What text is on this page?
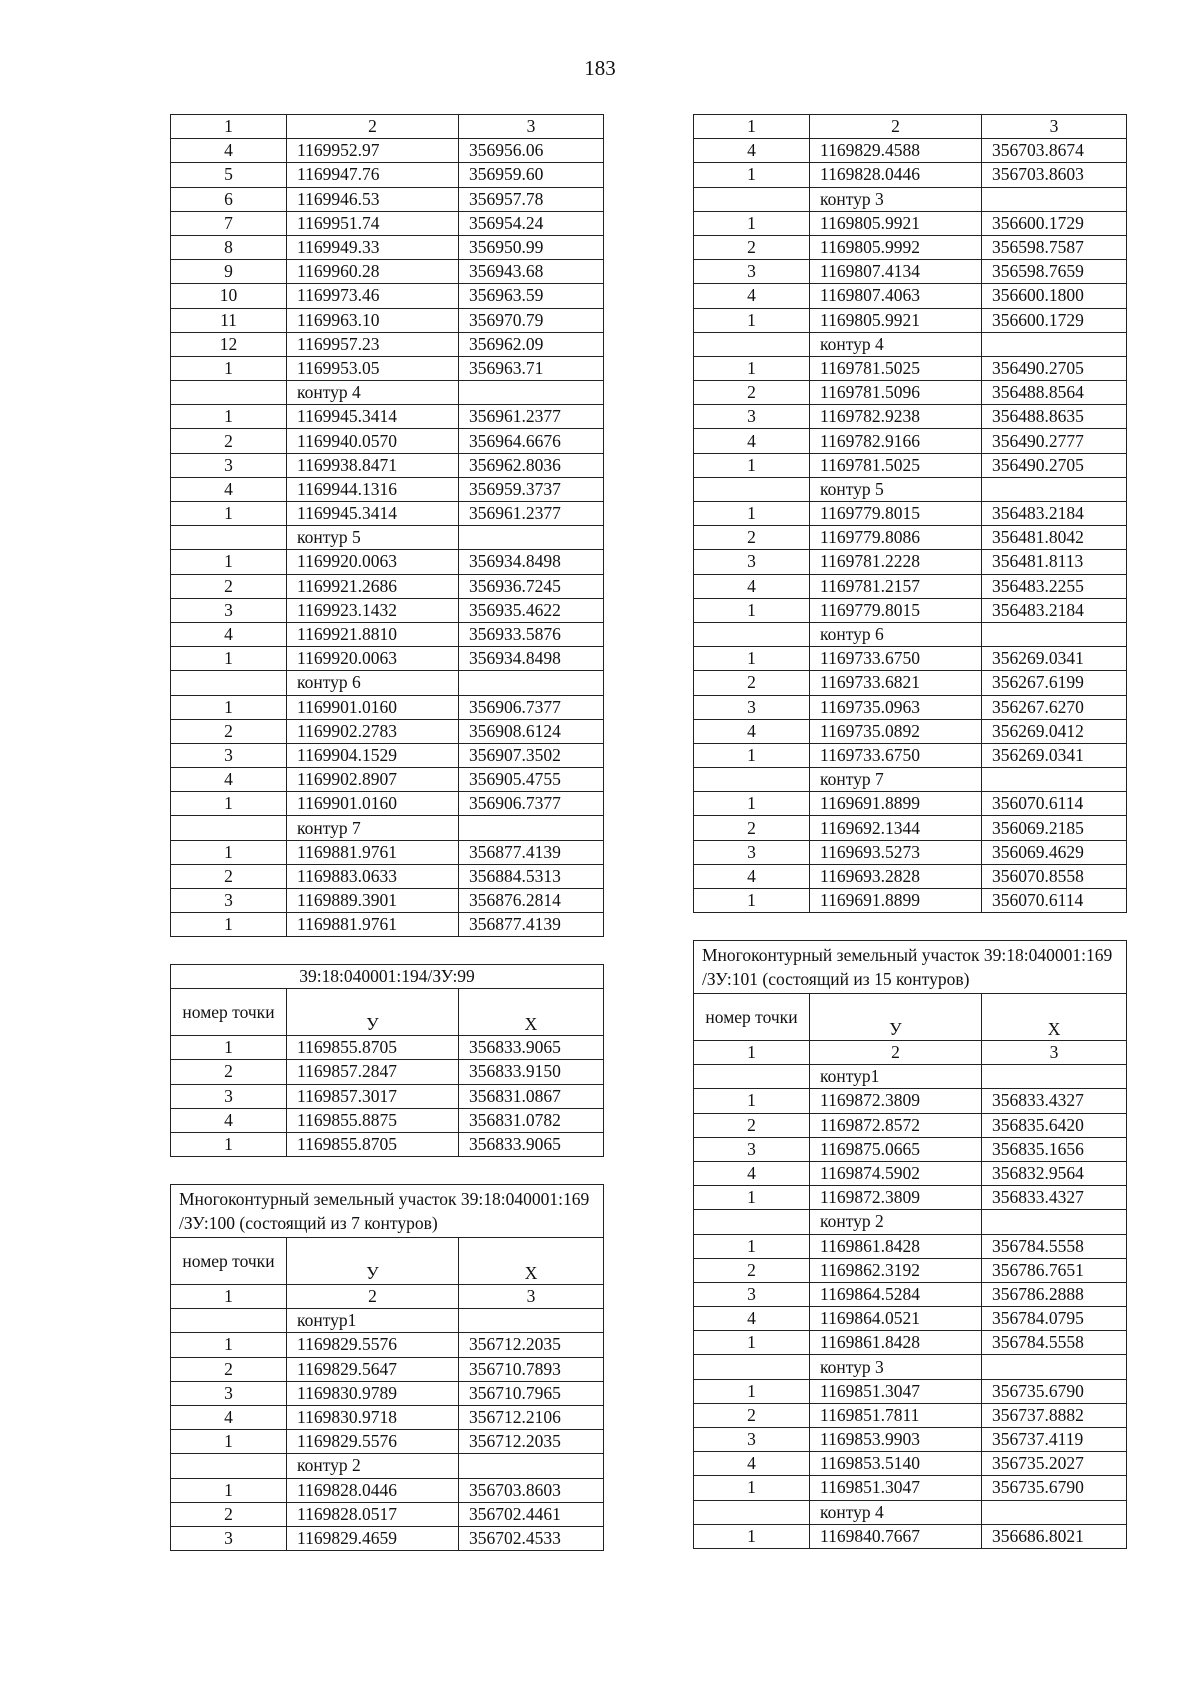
183
1	2	3
4	1169952.97	356956.06
5	1169947.76	356959.60
6	1169946.53	356957.78
7	1169951.74	356954.24
8	1169949.33	356950.99
9	1169960.28	356943.68
10	1169973.46	356963.59
11	1169963.10	356970.79
12	1169957.23	356962.09
1	1169953.05	356963.71
	контур 4	
1	1169945.3414	356961.2377
2	1169940.0570	356964.6676
3	1169938.8471	356962.8036
4	1169944.1316	356959.3737
1	1169945.3414	356961.2377
	контур 5	
1	1169920.0063	356934.8498
2	1169921.2686	356936.7245
3	1169923.1432	356935.4622
4	1169921.8810	356933.5876
1	1169920.0063	356934.8498
	контур 6	
1	1169901.0160	356906.7377
2	1169902.2783	356908.6124
3	1169904.1529	356907.3502
4	1169902.8907	356905.4755
1	1169901.0160	356906.7377
	контур 7	
1	1169881.9761	356877.4139
2	1169883.0633	356884.5313
3	1169889.3901	356876.2814
1	1169881.9761	356877.4139
39:18:040001:194/ЗУ:99		
номер точки	У	Х
1	1169855.8705	356833.9065
2	1169857.2847	356833.9150
3	1169857.3017	356831.0867
4	1169855.8875	356831.0782
1	1169855.8705	356833.9065
Многоконтурный земельный участок 39:18:040001:169 /ЗУ:100 (состоящий из 7 контуров)		
номер точки	У	Х
1	2	3
	контур1	
1	1169829.5576	356712.2035
2	1169829.5647	356710.7893
3	1169830.9789	356710.7965
4	1169830.9718	356712.2106
1	1169829.5576	356712.2035
	контур 2	
1	1169828.0446	356703.8603
2	1169828.0517	356702.4461
3	1169829.4659	356702.4533
1	2	3
4	1169829.4588	356703.8674
1	1169828.0446	356703.8603
	контур 3	
1	1169805.9921	356600.1729
2	1169805.9992	356598.7587
3	1169807.4134	356598.7659
4	1169807.4063	356600.1800
1	1169805.9921	356600.1729
	контур 4	
1	1169781.5025	356490.2705
2	1169781.5096	356488.8564
3	1169782.9238	356488.8635
4	1169782.9166	356490.2777
1	1169781.5025	356490.2705
	контур 5	
1	1169779.8015	356483.2184
2	1169779.8086	356481.8042
3	1169781.2228	356481.8113
4	1169781.2157	356483.2255
1	1169779.8015	356483.2184
	контур 6	
1	1169733.6750	356269.0341
2	1169733.6821	356267.6199
3	1169735.0963	356267.6270
4	1169735.0892	356269.0412
1	1169733.6750	356269.0341
	контур 7	
1	1169691.8899	356070.6114
2	1169692.1344	356069.2185
3	1169693.5273	356069.4629
4	1169693.2828	356070.8558
1	1169691.8899	356070.6114
Многоконтурный земельный участок 39:18:040001:169 /ЗУ:101 (состоящий из 15 контуров)		
номер точки	У	Х
1	2	3
	контур1	
1	1169872.3809	356833.4327
2	1169872.8572	356835.6420
3	1169875.0665	356835.1656
4	1169874.5902	356832.9564
1	1169872.3809	356833.4327
	контур 2	
1	1169861.8428	356784.5558
2	1169862.3192	356786.7651
3	1169864.5284	356786.2888
4	1169864.0521	356784.0795
1	1169861.8428	356784.5558
	контур 3	
1	1169851.3047	356735.6790
2	1169851.7811	356737.8882
3	1169853.9903	356737.4119
4	1169853.5140	356735.2027
1	1169851.3047	356735.6790
	контур 4	
1	1169840.7667	356686.8021
